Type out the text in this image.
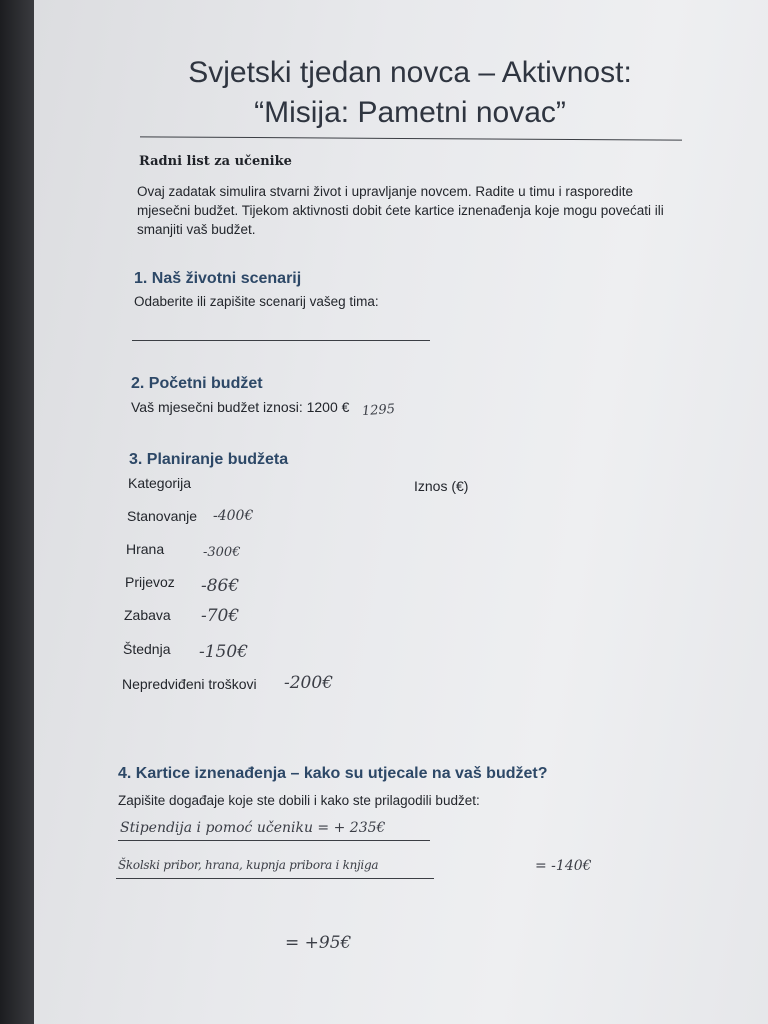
Svjetski tjedan novca – Aktivnost:
“Misija: Pametni novac”
Radni list za učenike
Ovaj zadatak simulira stvarni život i upravljanje novcem. Radite u timu i rasporedite
mjesečni budžet. Tijekom aktivnosti dobit ćete kartice iznenađenja koje mogu povećati ili
smanjiti vaš budžet.
1. Naš životni scenarij
Odaberite ili zapišite scenarij vašeg tima:
2. Početni budžet
Vaš mjesečni budžet iznosi: 1200 € 1295
3. Planiranje budžeta
Kategorija	Iznos (€)
Stanovanje -400€
Hrana	-300€
Prijevoz -86€
Zabava -70€
Štednja -150€
Nepredviđeni troškovi -200€
4. Kartice iznenađenja – kako su utjecale na vaš budžet?
Zapišite događaje koje ste dobili i kako ste prilagodili budžet:
Stipendija i pomoć učeniku = + 235€
Školski pribor, hrana, kupnja pribora i knjiga	= -140€
= +95€
